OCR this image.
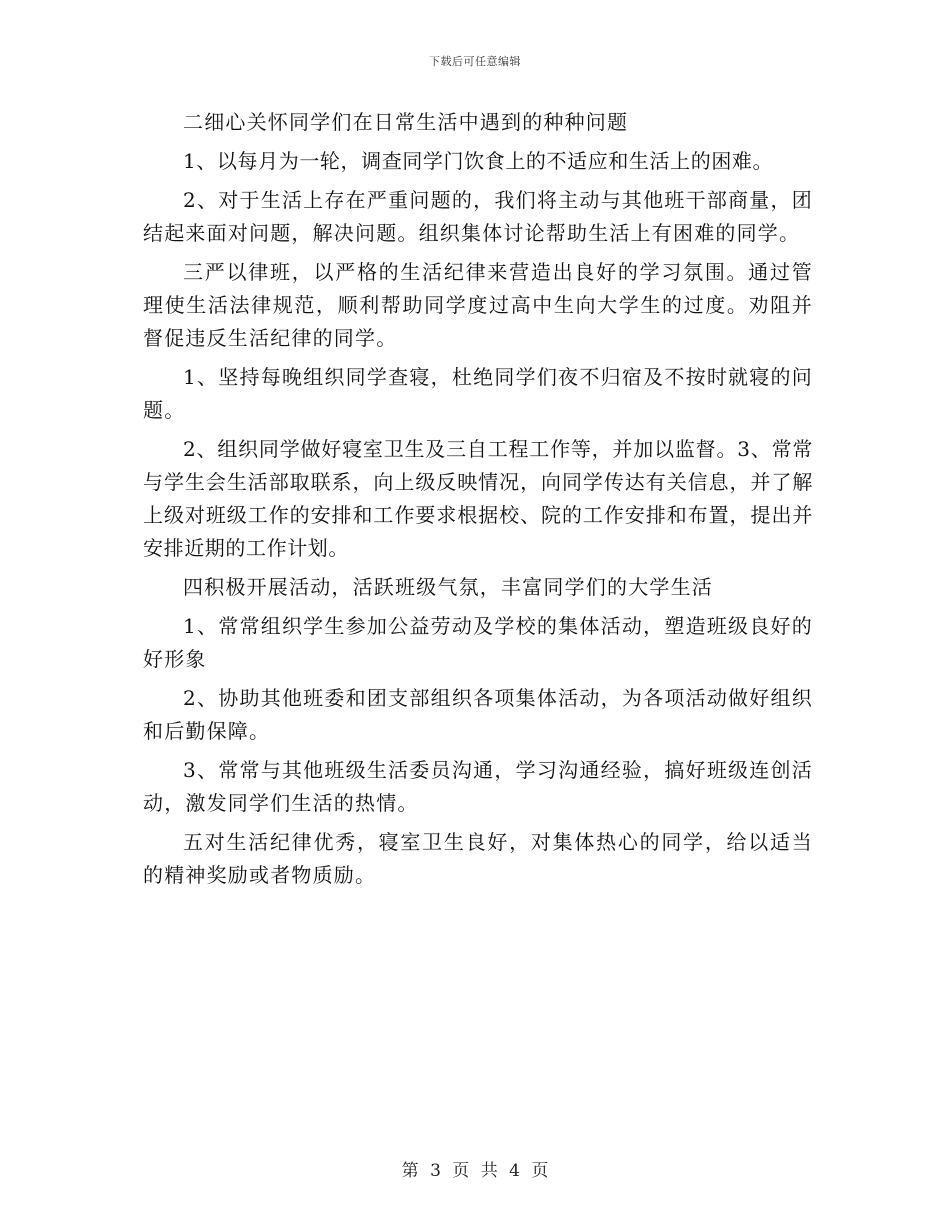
下载后可任意编辑

二细心关怀同学们在日常生活中遇到的种种问题

1、以每月为一轮，调查同学门饮食上的不适应和生活上的困难。

2、对于生活上存在严重问题的，我们将主动与其他班干部商量，团结起来面对问题，解决问题。组织集体讨论帮助生活上有困难的同学。

三严以律班，以严格的生活纪律来营造出良好的学习氛围。通过管理使生活法律规范，顺利帮助同学度过高中生向大学生的过度。劝阻并督促违反生活纪律的同学。

1、坚持每晚组织同学查寝，杜绝同学们夜不归宿及不按时就寝的问题。

2、组织同学做好寝室卫生及三自工程工作等，并加以监督。3、常常与学生会生活部取联系，向上级反映情况，向同学传达有关信息，并了解上级对班级工作的安排和工作要求根据校、院的工作安排和布置，提出并安排近期的工作计划。

四积极开展活动，活跃班级气氛，丰富同学们的大学生活

1、常常组织学生参加公益劳动及学校的集体活动，塑造班级良好的好形象

2、协助其他班委和团支部组织各项集体活动，为各项活动做好组织和后勤保障。

3、常常与其他班级生活委员沟通，学习沟通经验，搞好班级连创活动，激发同学们生活的热情。

五对生活纪律优秀，寝室卫生良好，对集体热心的同学，给以适当的精神奖励或者物质励。

第 3 页 共 4 页
